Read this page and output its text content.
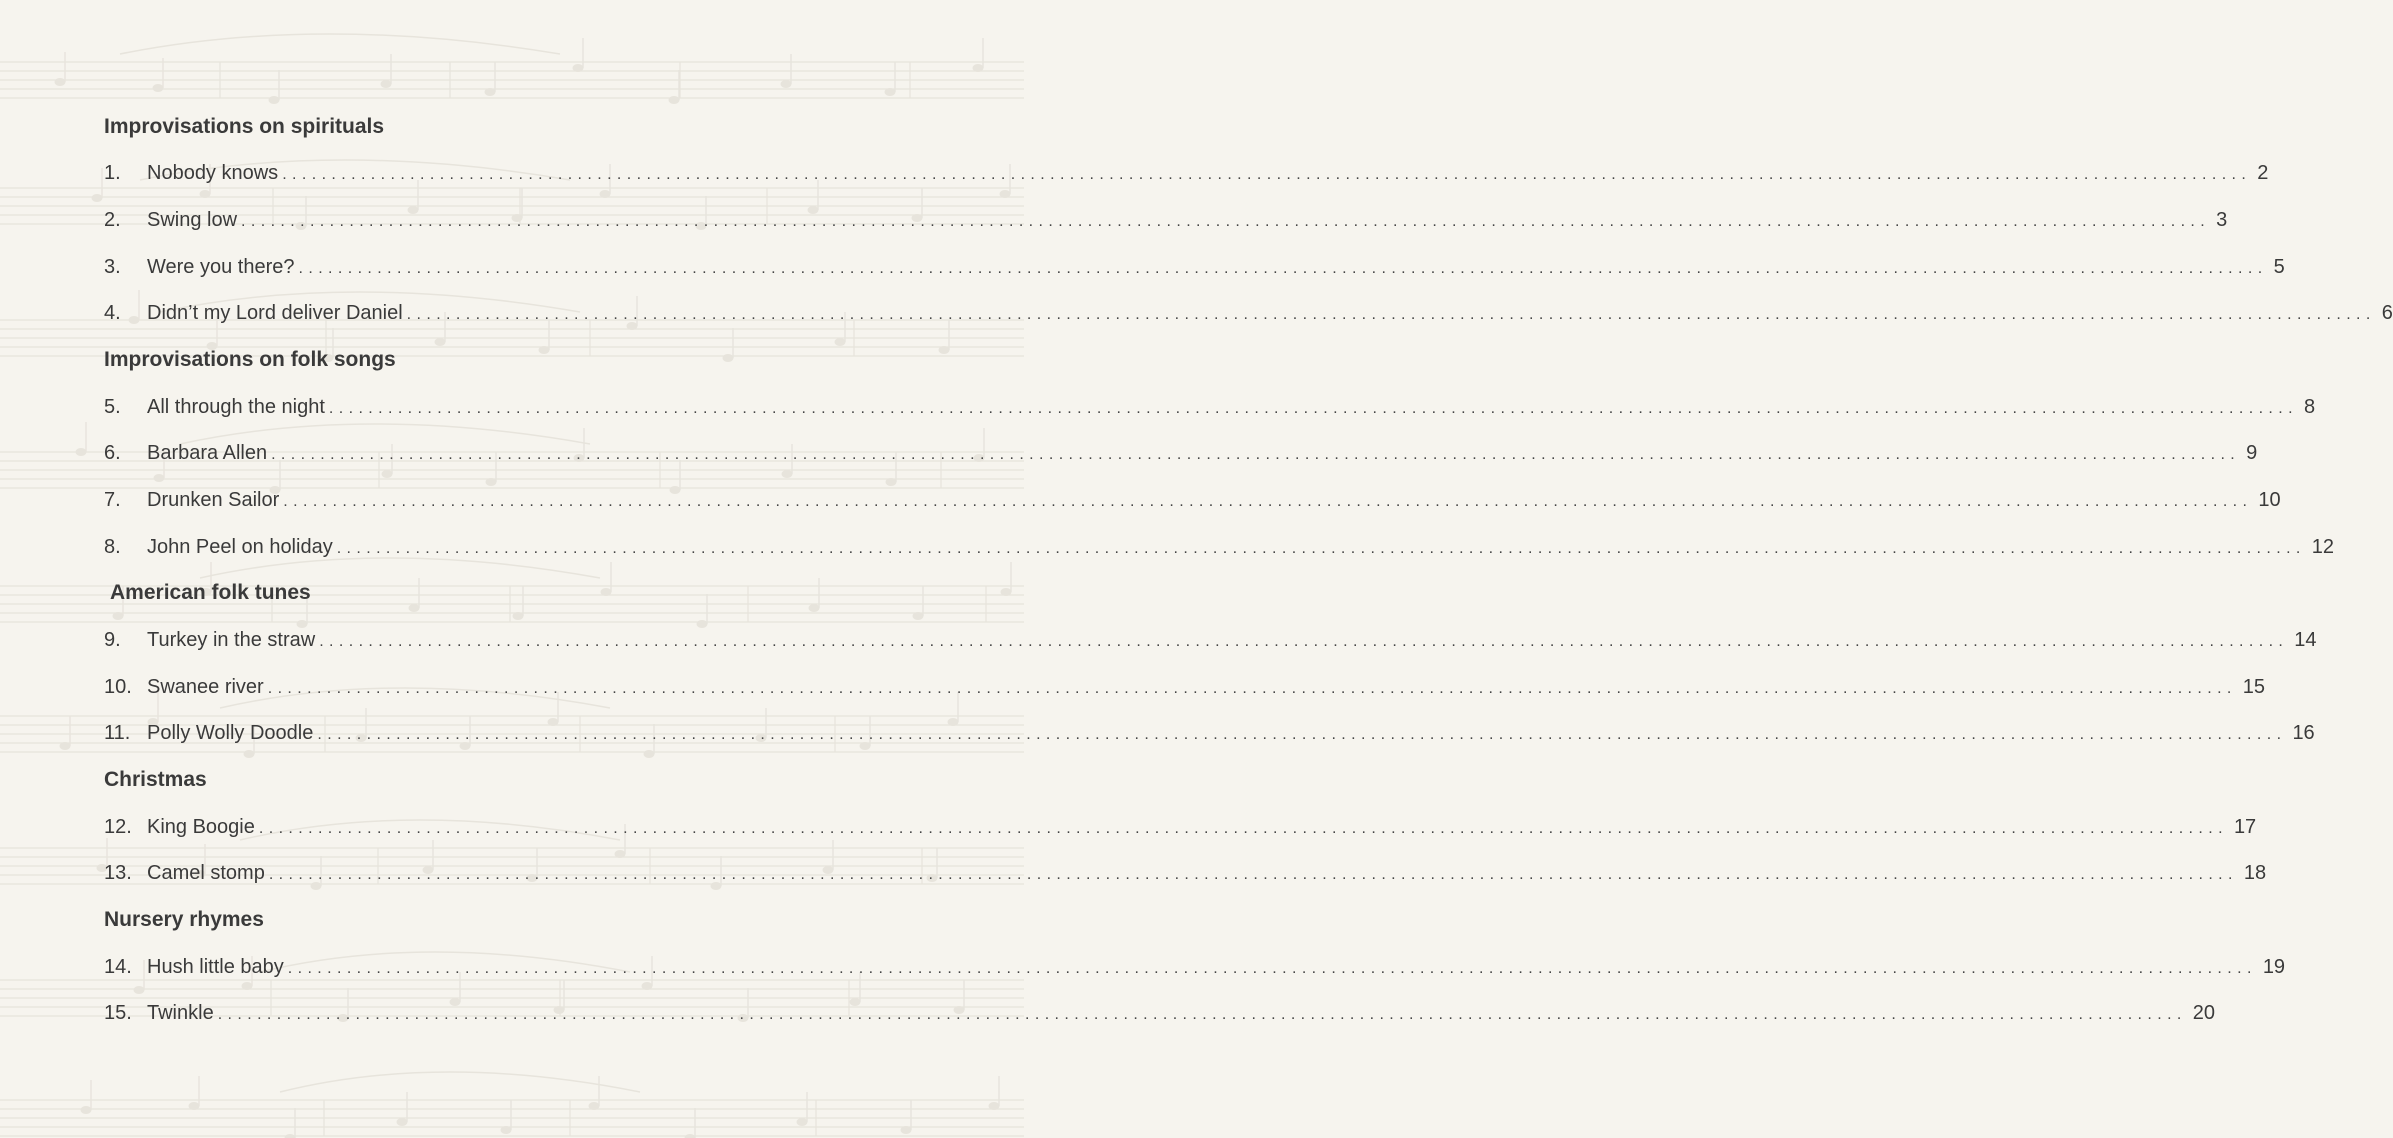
Improvisations on spirituals
1.	Nobody knows ........................................................................................................................................................................................................ 2
2.	Swing low ........................................................................................................................................................................................................ 3
3.	Were you there? ........................................................................................................................................................................................................ 5
4.	Didn’t my Lord deliver Daniel ........................................................................................................................................................................................................ 6
Improvisations on folk songs
5.	All through the night ........................................................................................................................................................................................................ 8
6.	Barbara Allen ........................................................................................................................................................................................................ 9
7.	Drunken Sailor ........................................................................................................................................................................................................ 10
8.	John Peel on holiday ........................................................................................................................................................................................................ 12
American folk tunes
9.	Turkey in the straw ........................................................................................................................................................................................................ 14
10. Swanee river ........................................................................................................................................................................................................ 15
11. Polly Wolly Doodle ........................................................................................................................................................................................................ 16
Christmas
12. King Boogie ........................................................................................................................................................................................................ 17
13. Camel stomp ........................................................................................................................................................................................................ 18
Nursery rhymes
14. Hush little baby ........................................................................................................................................................................................................ 19
15. Twinkle ........................................................................................................................................................................................................ 20
